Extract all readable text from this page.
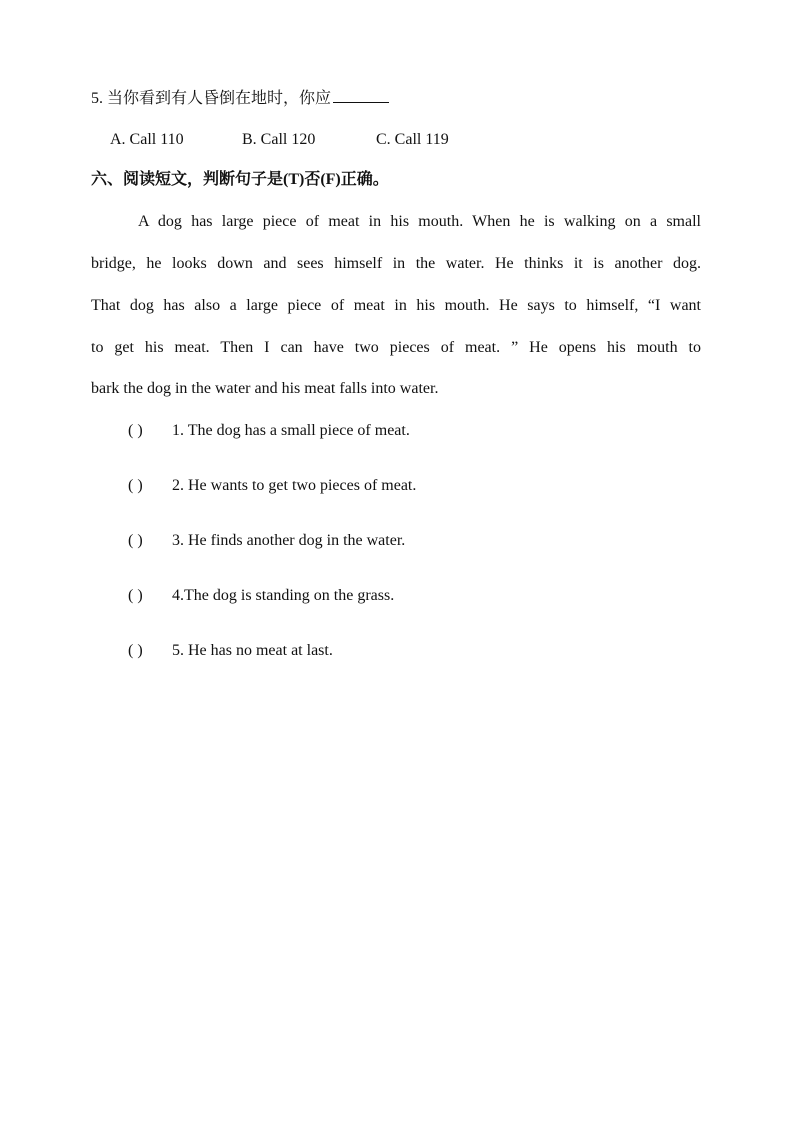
5. 当你看到有人昏倒在地时，你应
A. Call 110	B. Call 120	C. Call 119
六、阅读短文，判断句子是(T)否(F)正确。
A dog has large piece of meat in his mouth. When he is walking on a small
bridge, he looks down and sees himself in the water. He thinks it is another dog.
That dog has also a large piece of meat in his mouth. He says to himself, “I want
to get his meat. Then I can have two pieces of meat. ” He opens his mouth to
bark the dog in the water and his meat falls into water.
( ) 1. The dog has a small piece of meat.
( ) 2. He wants to get two pieces of meat.
( ) 3. He finds another dog in the water.
( ) 4.The dog is standing on the grass.
( ) 5. He has no meat at last.
